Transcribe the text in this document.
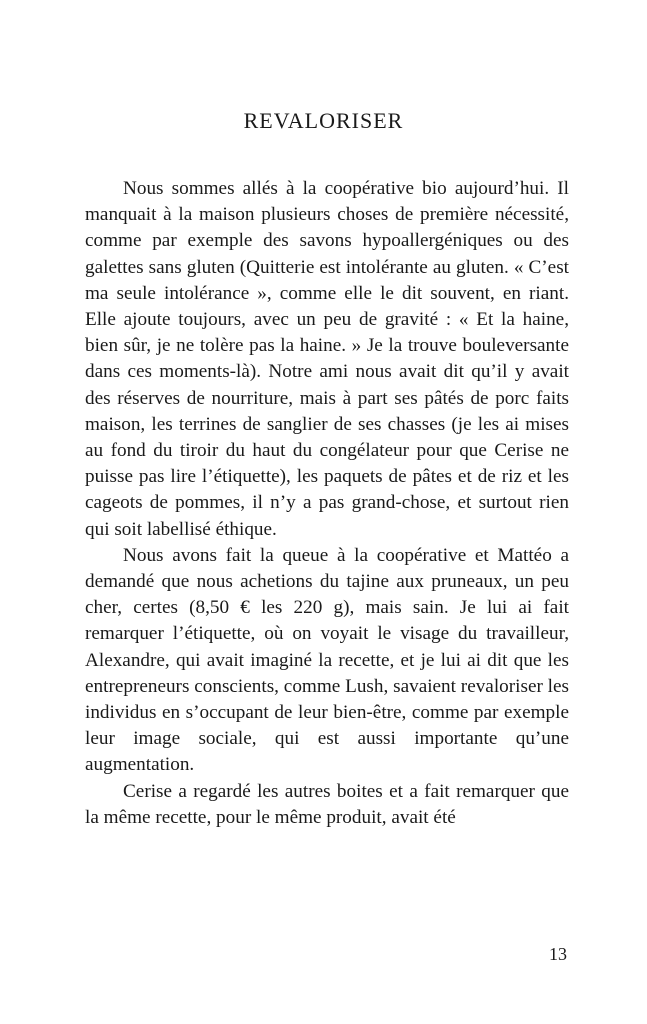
REVALORISER

Nous sommes allés à la coopérative bio aujourd’hui. Il manquait à la maison plusieurs choses de première nécessité, comme par exemple des savons hypoallergéniques ou des galettes sans gluten (Quitterie est intolérante au gluten. « C’est ma seule intolérance », comme elle le dit souvent, en riant. Elle ajoute toujours, avec un peu de gravité : « Et la haine, bien sûr, je ne tolère pas la haine. » Je la trouve bouleversante dans ces moments-là). Notre ami nous avait dit qu’il y avait des réserves de nourriture, mais à part ses pâtés de porc faits maison, les terrines de sanglier de ses chasses (je les ai mises au fond du tiroir du haut du congélateur pour que Cerise ne puisse pas lire l’étiquette), les paquets de pâtes et de riz et les cageots de pommes, il n’y a pas grand-chose, et surtout rien qui soit labellisé éthique.

Nous avons fait la queue à la coopérative et Mattéo a demandé que nous achetions du tajine aux pruneaux, un peu cher, certes (8,50 € les 220 g), mais sain. Je lui ai fait remarquer l’étiquette, où on voyait le visage du travailleur, Alexandre, qui avait imaginé la recette, et je lui ai dit que les entrepreneurs conscients, comme Lush, savaient revaloriser les individus en s’occupant de leur bien-être, comme par exemple leur image sociale, qui est aussi importante qu’une augmentation.

Cerise a regardé les autres boites et a fait remarquer que la même recette, pour le même produit, avait été

13
